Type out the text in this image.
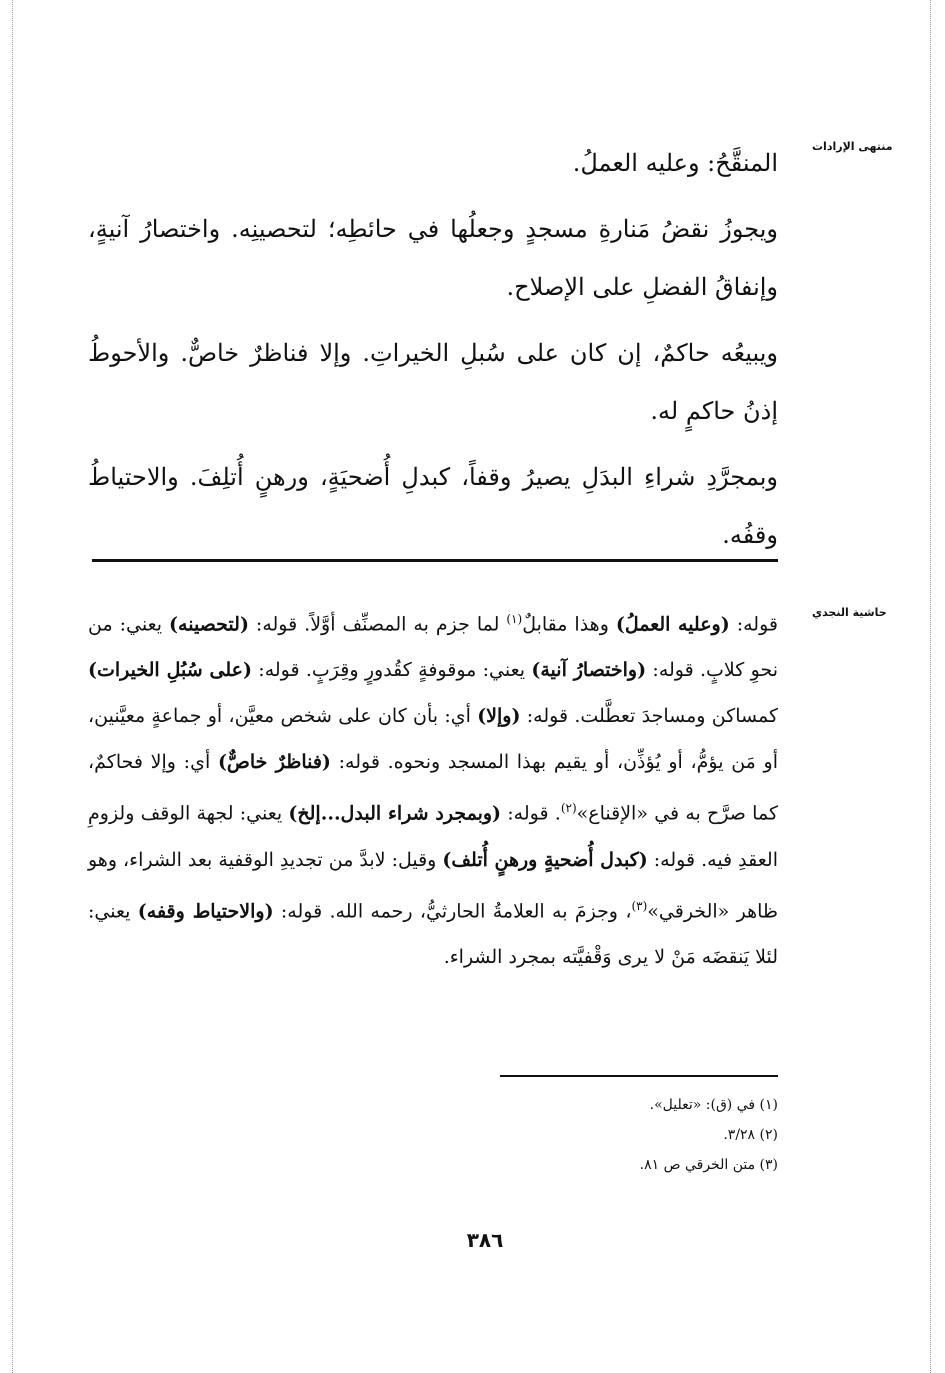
منتهى الإرادات

المنقَّحُ: وعليه العملُ.

ويجوزُ نقضُ مَنارةِ مسجدٍ وجعلُها في حائطِه؛ لتحصينِه. واختصارُ آنيةٍ، وإنفاقُ الفضلِ على الإصلاح.

ويبيعُه حاكمٌ، إن كان على سُبلِ الخيراتِ. وإلا فناظرٌ خاصٌّ. والأحوطُ إذنُ حاكمٍ له.

وبمجرَّدِ شراءِ البدَلِ يصيرُ وقفاً، كبدلِ أُضحيَةٍ، ورهنٍ أُتلِفَ. والاحتياطُ وقفُه.

حاشية النجدي
قوله: (وعليه العملُ) وهذا مقابلٌ$^{(١)}$ لما جزم به المصنِّف أوَّلاً. قوله: (لتحصينه) يعني: من نحوِ كلابٍ. قوله: (واختصارُ آنية) يعني: موقوفةٍ كقُدورٍ وقِرَبٍ. قوله: (على سُبُلِ الخيرات) كمساكن ومساجدَ تعطَّلت. قوله: (وإلا) أي: بأن كان على شخص معيَّن، أو جماعةٍ معيَّنين، أو مَن يؤمُّ، أو يُؤذِّن، أو يقيم بهذا المسجد ونحوه. قوله: (فناظرٌ خاصٌّ) أي: وإلا فحاكمٌ، كما صرَّح به في «الإقناع»$^{(٢)}$. قوله: (وبمجرد شراء البدل...إلخ) يعني: لجهة الوقف ولزومِ العقدِ فيه. قوله: (كبدل أُضحيةٍ ورهنٍ أُتلف) وقيل: لابدَّ من تجديدِ الوقفية بعد الشراء، وهو ظاهر «الخرقي»$^{(٣)}$، وجزمَ به العلامةُ الحارثيُّ، رحمه الله. قوله: (والاحتياط وقفه) يعني: لئلا يَنقضَه مَنْ لا يرى وَقْفيَّته بمجرد الشراء.
(١) في (ق): «تعليل».
(٢) ٣/٢٨.
(٣) متن الخرقي ص ٨١.
٣٨٦
